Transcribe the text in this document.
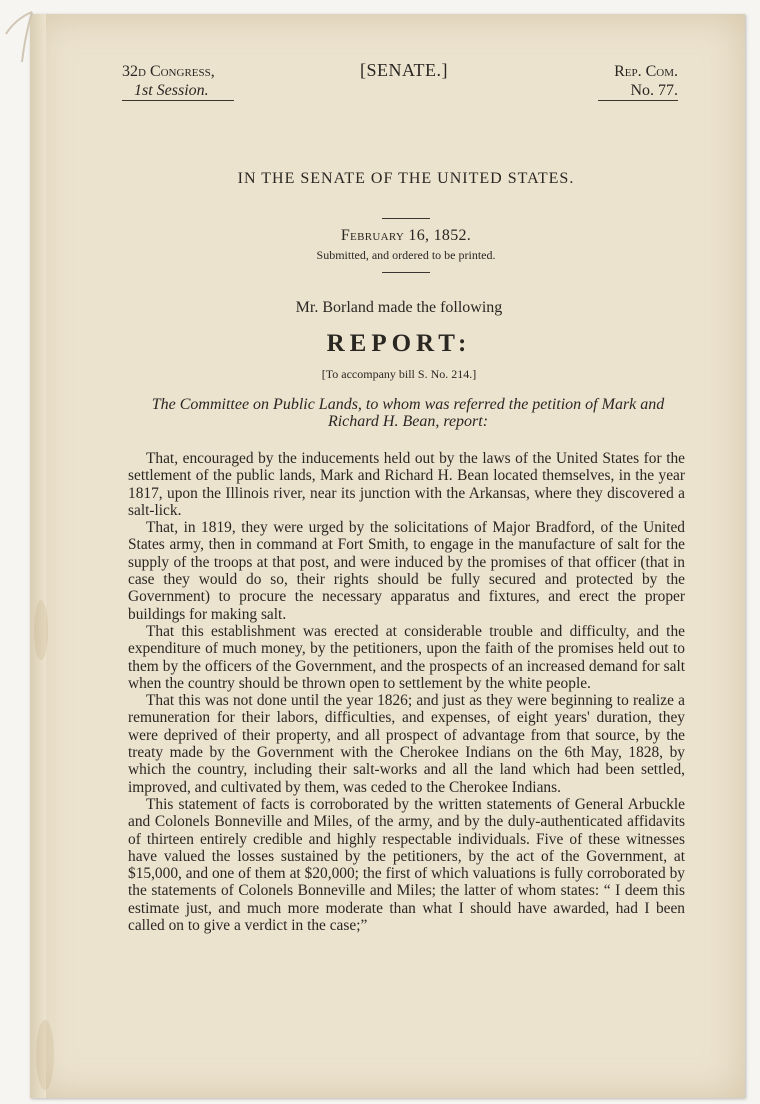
32d Congress,
1st Session.
[SENATE.]	Rep. Com.
No. 77.
IN THE SENATE OF THE UNITED STATES.
February 16, 1852.
Submitted, and ordered to be printed.
Mr. Borland made the following
REPORT:
[To accompany bill S. No. 214.]
The Committee on Public Lands, to whom was referred the petition of Mark and Richard H. Bean, report:

That, encouraged by the inducements held out by the laws of the United States for the settlement of the public lands, Mark and Richard H. Bean located themselves, in the year 1817, upon the Illinois river, near its junction with the Arkansas, where they discovered a salt-lick.

That, in 1819, they were urged by the solicitations of Major Bradford, of the United States army, then in command at Fort Smith, to engage in the manufacture of salt for the supply of the troops at that post, and were induced by the promises of that officer (that in case they would do so, their rights should be fully secured and protected by the Government) to procure the necessary apparatus and fixtures, and erect the proper buildings for making salt.

That this establishment was erected at considerable trouble and difficulty, and the expenditure of much money, by the petitioners, upon the faith of the promises held out to them by the officers of the Government, and the prospects of an increased demand for salt when the country should be thrown open to settlement by the white people.

That this was not done until the year 1826; and just as they were beginning to realize a remuneration for their labors, difficulties, and expenses, of eight years' duration, they were deprived of their property, and all prospect of advantage from that source, by the treaty made by the Government with the Cherokee Indians on the 6th May, 1828, by which the country, including their salt-works and all the land which had been settled, improved, and cultivated by them, was ceded to the Cherokee Indians.

This statement of facts is corroborated by the written statements of General Arbuckle and Colonels Bonneville and Miles, of the army, and by the duly-authenticated affidavits of thirteen entirely credible and highly respectable individuals. Five of these witnesses have valued the losses sustained by the petitioners, by the act of the Government, at $15,000, and one of them at $20,000; the first of which valuations is fully corroborated by the statements of Colonels Bonneville and Miles; the latter of whom states: “ I deem this estimate just, and much more moderate than what I should have awarded, had I been called on to give a verdict in the case;”
